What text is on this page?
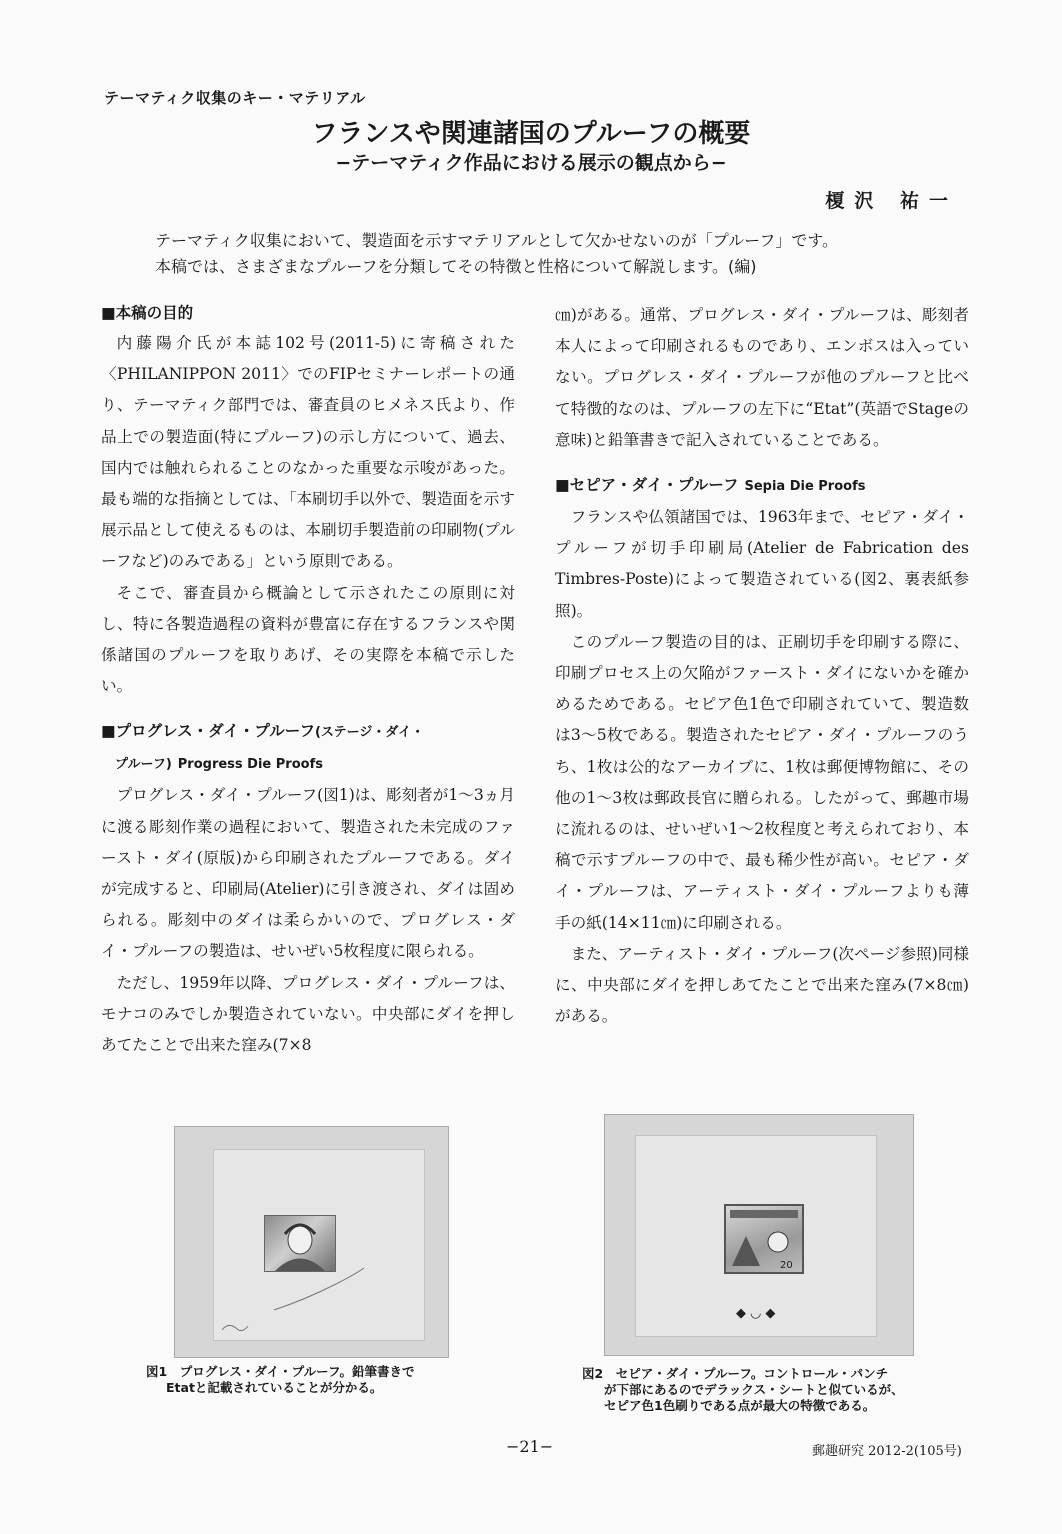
テーマティク収集のキー・マテリアル
フランスや関連諸国のプルーフの概要
−テーマティク作品における展示の観点から−
榎沢 祐一

テーマティク収集において、製造面を示すマテリアルとして欠かせないのが「プルーフ」です。

本稿では、さまざまなプルーフを分類してその特徴と性格について解説します。(編)

■本稿の目的

内藤陽介氏が本誌102号(2011-5)に寄稿された〈PHILANIPPON 2011〉でのFIPセミナーレポートの通り、テーマティク部門では、審査員のヒメネス氏より、作品上での製造面(特にプルーフ)の示し方について、過去、国内では触れられることのなかった重要な示唆があった。最も端的な指摘としては、「本刷切手以外で、製造面を示す展示品として使えるものは、本刷切手製造前の印刷物(プルーフなど)のみである」という原則である。

そこで、審査員から概論として示されたこの原則に対し、特に各製造過程の資料が豊富に存在するフランスや関係諸国のプルーフを取りあげ、その実際を本稿で示したい。

■プログレス・ダイ・プルーフ(ステージ・ダイ・
プルーフ) Progress Die Proofs

プログレス・ダイ・プルーフ(図1)は、彫刻者が1〜3ヵ月に渡る彫刻作業の過程において、製造された未完成のファースト・ダイ(原版)から印刷されたプルーフである。ダイが完成すると、印刷局(Atelier)に引き渡され、ダイは固められる。彫刻中のダイは柔らかいので、プログレス・ダイ・プルーフの製造は、せいぜい5枚程度に限られる。

ただし、1959年以降、プログレス・ダイ・プルーフは、モナコのみでしか製造されていない。中央部にダイを押しあてたことで出来た窪み(7×8

㎝)がある。通常、プログレス・ダイ・プルーフは、彫刻者本人によって印刷されるものであり、エンボスは入っていない。プログレス・ダイ・プルーフが他のプルーフと比べて特徴的なのは、プルーフの左下に“Etat”(英語でStageの意味)と鉛筆書きで記入されていることである。

■セピア・ダイ・プルーフ Sepia Die Proofs

フランスや仏領諸国では、1963年まで、セピア・ダイ・プルーフが切手印刷局(Atelier de Fabrication des Timbres-Poste)によって製造されている(図2、裏表紙参照)。

このプルーフ製造の目的は、正刷切手を印刷する際に、印刷プロセス上の欠陥がファースト・ダイにないかを確かめるためである。セピア色1色で印刷されていて、製造数は3〜5枚である。製造されたセピア・ダイ・プルーフのうち、1枚は公的なアーカイブに、1枚は郵便博物館に、その他の1〜3枚は郵政長官に贈られる。したがって、郵趣市場に流れるのは、せいぜい1〜2枚程度と考えられており、本稿で示すプルーフの中で、最も稀少性が高い。セピア・ダイ・プルーフは、アーティスト・ダイ・プルーフよりも薄手の紙(14×11㎝)に印刷される。

また、アーティスト・ダイ・プルーフ(次ページ参照)同様に、中央部にダイを押しあてたことで出来た窪み(7×8㎝)がある。

20
◆◡◆
図1　プログレス・ダイ・プルーフ。鉛筆書きで
Etatと記載されていることが分かる。
図2　セピア・ダイ・プルーフ。コントロール・パンチ
が下部にあるのでデラックス・シートと似ているが、
セピア色1色刷りである点が最大の特徴である。
−21−	郵趣研究 2012-2(105号)
